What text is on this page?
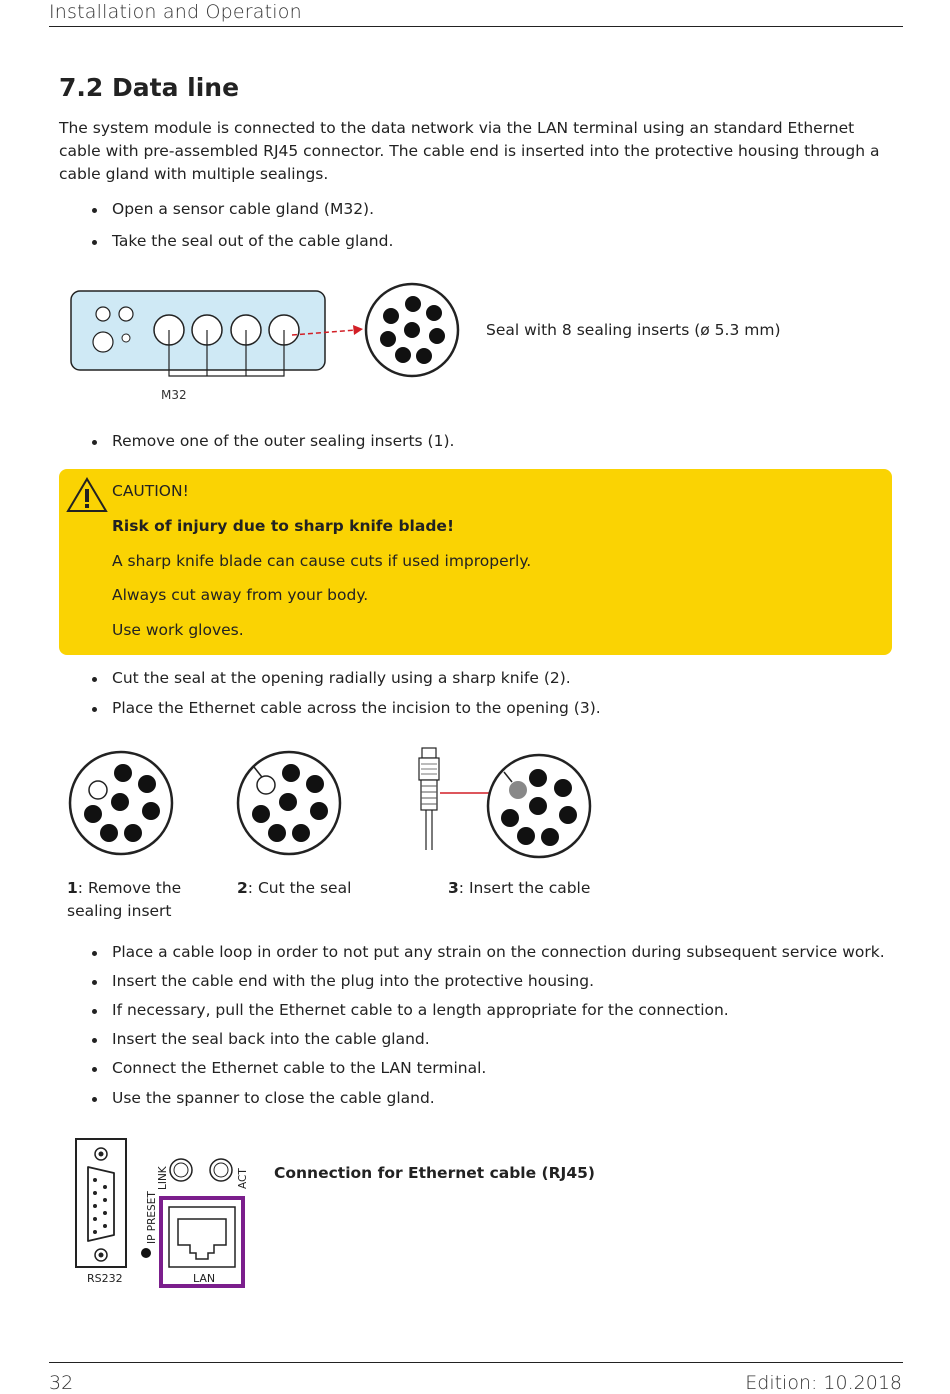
Installation and Operation
7.2 Data line

The system module is connected to the data network via the LAN terminal using an standard Ethernet cable with pre-assembled RJ45 connector. The cable end is inserted into the protective housing through a cable gland with multiple sealings.

Open a sensor cable gland (M32).
Take the seal out of the cable gland.
M32
Seal with 8 sealing inserts (ø 5.3 mm)
Remove one of the outer sealing inserts (1).
CAUTION!
Risk of injury due to sharp knife blade!
A sharp knife blade can cause cuts if used improperly.
Always cut away from your body.
Use work gloves.
Cut the seal at the opening radially using a sharp knife (2).
Place the Ethernet cable across the incision to the opening (3).
1: Remove the sealing insert
2: Cut the seal	3: Insert the cable
Place a cable loop in order to not put any strain on the connection during subsequent service work.
Insert the cable end with the plug into the protective housing.
If necessary, pull the Ethernet cable to a length appropriate for the connection.
Insert the seal back into the cable gland.
Connect the Ethernet cable to the LAN terminal.
Use the spanner to close the cable gland.
RS232	LAN
IP PRESET
LINK	ACT Connection for Ethernet cable (RJ45)
32	Edition: 10.2018
